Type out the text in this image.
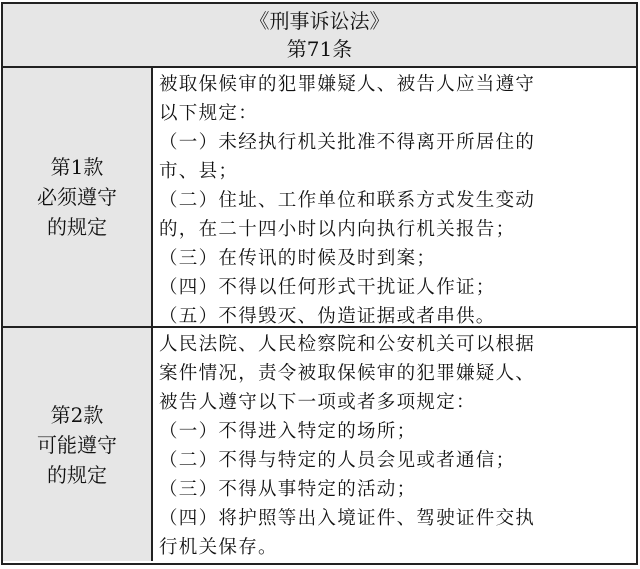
《刑事诉讼法》
第71条
第1款
必须遵守
的规定
被取保候审的犯罪嫌疑人、被告人应当遵守
以下规定：
（一）未经执行机关批准不得离开所居住的
市、县；
（二）住址、工作单位和联系方式发生变动
的，在二十四小时以内向执行机关报告；
（三）在传讯的时候及时到案；
（四）不得以任何形式干扰证人作证；
（五）不得毁灭、伪造证据或者串供。
第2款
可能遵守
的规定
人民法院、人民检察院和公安机关可以根据
案件情况，责令被取保候审的犯罪嫌疑人、
被告人遵守以下一项或者多项规定：
（一）不得进入特定的场所；
（二）不得与特定的人员会见或者通信；
（三）不得从事特定的活动；
（四）将护照等出入境证件、驾驶证件交执
行机关保存。
